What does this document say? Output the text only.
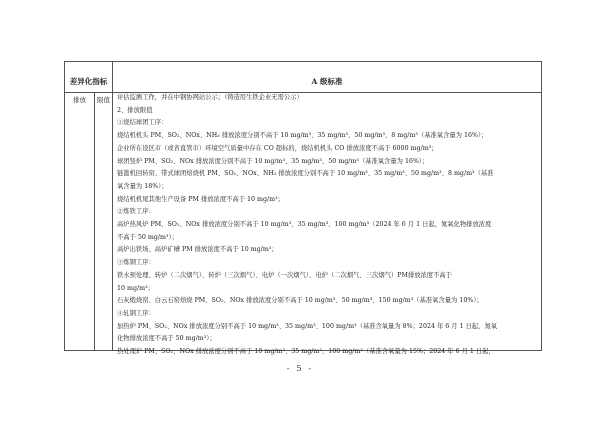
差异化指标	A 级标准
排放	限值	评估监测工作，并在中钢协网站公示；（铸造用生铁企业无需公示）
2、排放限值
①烧结球团工序：
烧结机机头 PM、SO₂、NOx、NH₃ 排放浓度分别不高于 10 mg/m³、35 mg/m³、50 mg/m³、8 mg/m³（基准氧含量为 16%）；
企业所在设区市（或省直管市）环境空气质量中存在 CO 超标的，烧结机机头 CO 排放浓度不高于 6000 mg/m³；
球团竖炉 PM、SO₂、NOx 排放浓度分别不高于 10 mg/m³、35 mg/m³、50 mg/m³（基准氧含量为 16%）；
链篦机回转窑、带式球团焙烧机 PM、SO₂、NOx、NH₃ 排放浓度分别不高于 10 mg/m³、35 mg/m³、50 mg/m³、8 mg/m³（基准
氧含量为 18%）；
烧结机机尾其他生产设备 PM 排放浓度不高于 10 mg/m³；
②炼铁工序：
高炉热风炉 PM、SO₂、NOx 排放浓度分别不高于 10 mg/m³、35 mg/m³、100 mg/m³（2024 年 6 月 1 日起，氮氧化物排放浓度
不高于 50 mg/m³）；
高炉出铁场、高炉矿槽 PM 排放浓度不高于 10 mg/m³；
③炼钢工序：
铁水预处理、转炉（二次烟气）、转炉（三次烟气）、电炉（一次烟气）、电炉（二次烟气、三次烟气）PM排放浓度不高于
10 mg/m³；
石灰煅烧窑、白云石窑焙烧 PM、SO₂、NOx 排放浓度分别不高于 10 mg/m³、50 mg/m³、150 mg/m³（基准氧含量为 10%）；
④轧钢工序：
加热炉 PM、SO₂、NOx 排放浓度分别不高于 10 mg/m³、35 mg/m³、100 mg/m³（基准含氧量为 8%；2024 年 6 月 1 日起，氮氧
化物排放浓度不高于 50 mg/m³）；
热处理炉 PM、SO₂、NOx 排放浓度分别不高于 10 mg/m³、35 mg/m³、100 mg/m³（基准含氧量为 15%；2024 年 6 月 1 日起，
- 5 -
